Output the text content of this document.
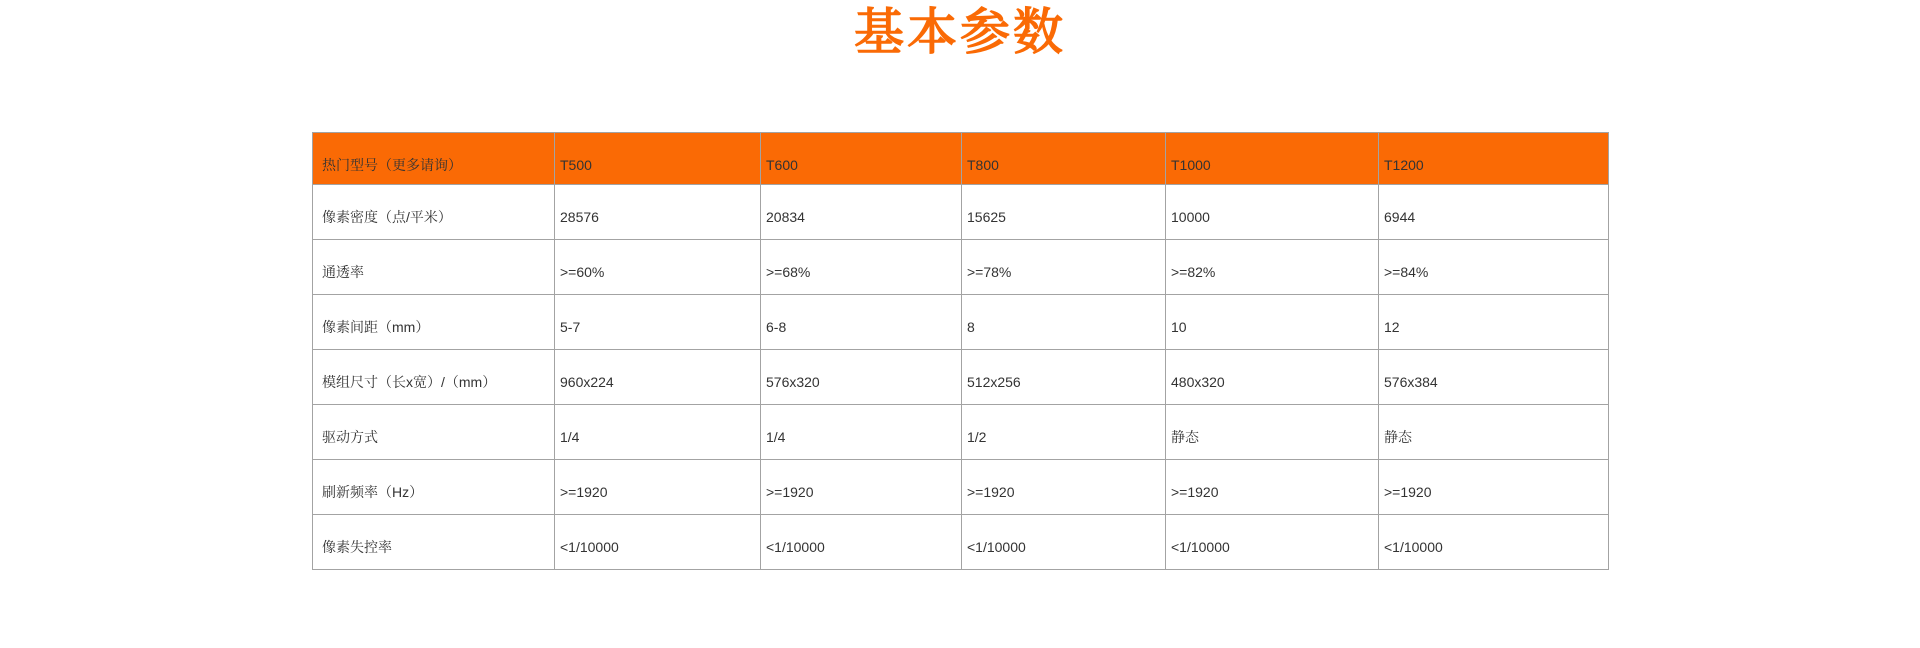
基本参数
热门型号（更多请询）	T500	T600	T800	T1000	T1200
像素密度（点/平米）	28576	20834	15625	10000	6944
通透率	>=60%	>=68%	>=78%	>=82%	>=84%
像素间距（mm）	5-7	6-8	8	10	12
模组尺寸（长x宽）/（mm）	960x224	576x320	512x256	480x320	576x384
驱动方式	1/4	1/4	1/2	静态	静态
刷新频率（Hz）	>=1920	>=1920	>=1920	>=1920	>=1920
像素失控率	<1/10000	<1/10000	<1/10000	<1/10000	<1/10000
